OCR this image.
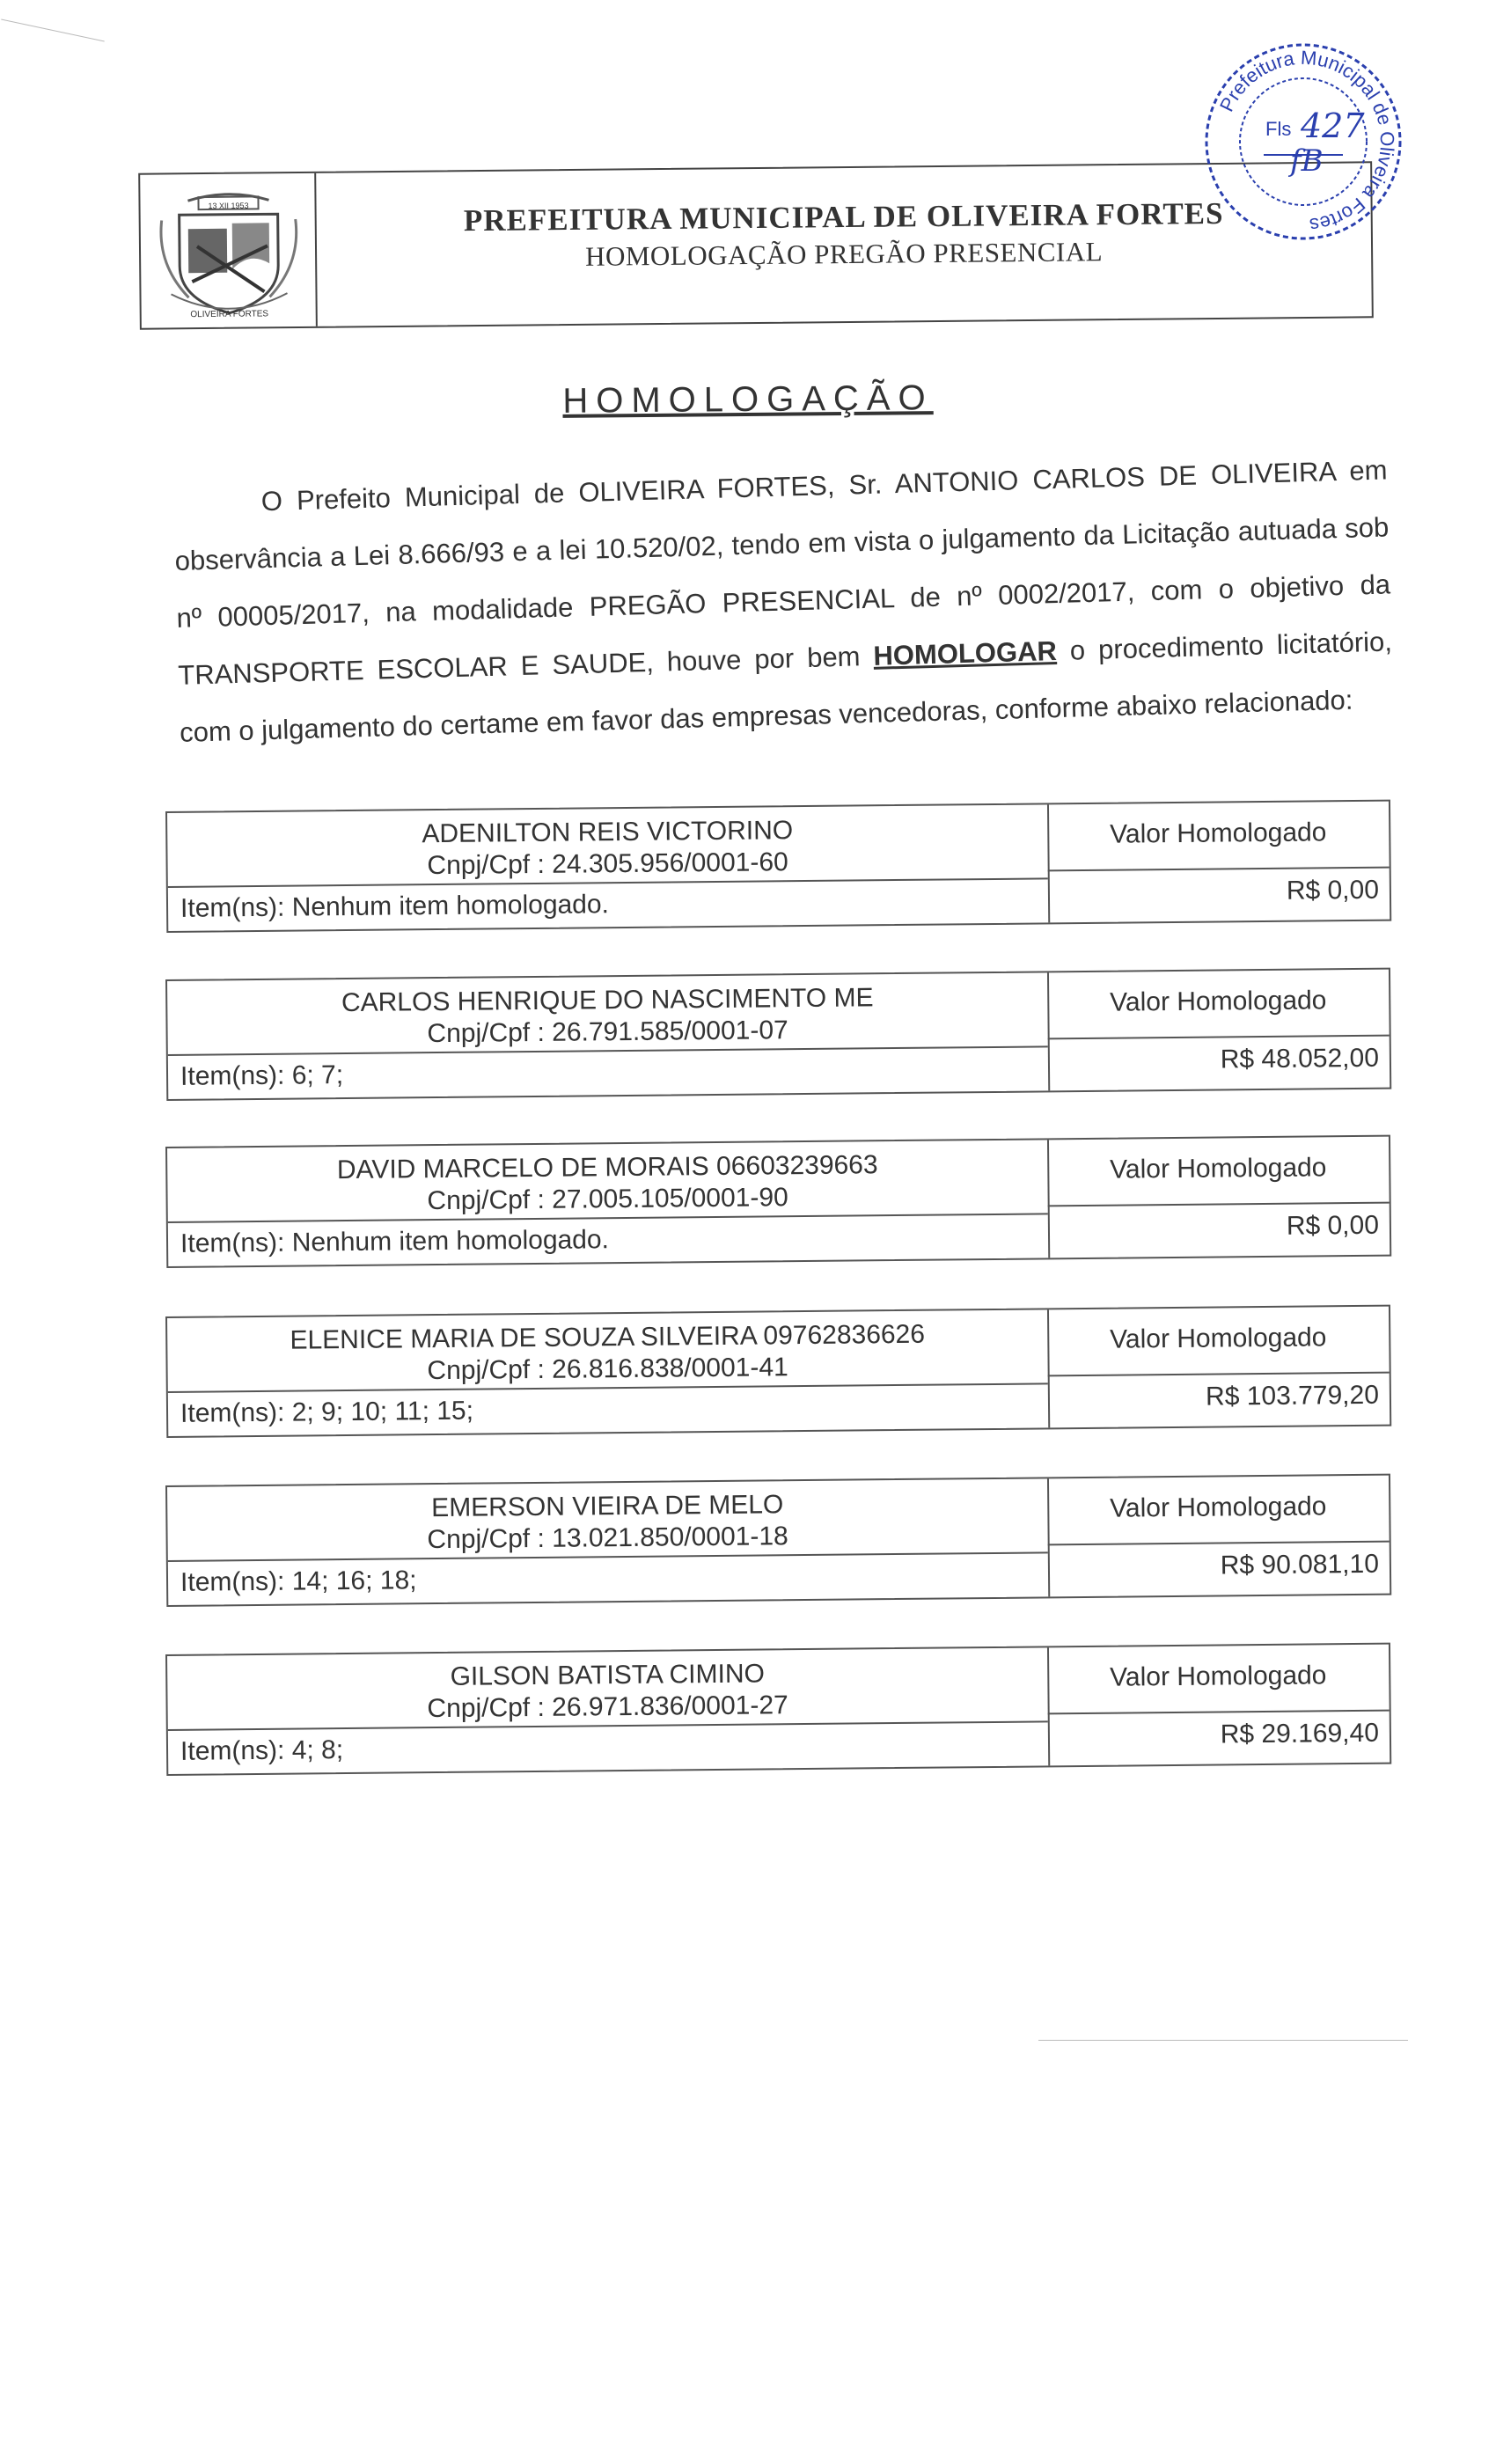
13 XII 1953
OLIVEIRA FORTES
PREFEITURA MUNICIPAL DE OLIVEIRA FORTES
HOMOLOGAÇÃO PREGÃO PRESENCIAL
Prefeitura Municipal de Oliveira Fortes
Fls 427
fB
HOMOLOGAÇÃO
O Prefeito Municipal de OLIVEIRA FORTES, Sr. ANTONIO CARLOS DE OLIVEIRA em observância a Lei 8.666/93 e a lei 10.520/02, tendo em vista o julgamento da Licitação autuada sob nº 00005/2017, na modalidade PREGÃO PRESENCIAL de nº 0002/2017, com o objetivo da TRANSPORTE ESCOLAR E SAUDE, houve por bem HOMOLOGAR o procedimento licitatório, com o julgamento do certame em favor das empresas vencedoras, conforme abaixo relacionado:
ADENILTON REIS VICTORINO
Cnpj/Cpf : 24.305.956/0001-60
Valor Homologado
Item(ns): Nenhum item homologado.	R$ 0,00
CARLOS HENRIQUE DO NASCIMENTO ME
Cnpj/Cpf : 26.791.585/0001-07
Valor Homologado
Item(ns): 6; 7;
R$ 48.052,00
DAVID MARCELO DE MORAIS 06603239663
Cnpj/Cpf : 27.005.105/0001-90
Valor Homologado
Item(ns): Nenhum item homologado.	R$ 0,00
ELENICE MARIA DE SOUZA SILVEIRA 09762836626
Cnpj/Cpf : 26.816.838/0001-41
Valor Homologado
Item(ns): 2; 9; 10; 11; 15;
R$ 103.779,20
EMERSON VIEIRA DE MELO
Cnpj/Cpf : 13.021.850/0001-18
Valor Homologado
Item(ns): 14; 16; 18;
R$ 90.081,10
GILSON BATISTA CIMINO
Cnpj/Cpf : 26.971.836/0001-27
Valor Homologado
Item(ns): 4; 8;
R$ 29.169,40
